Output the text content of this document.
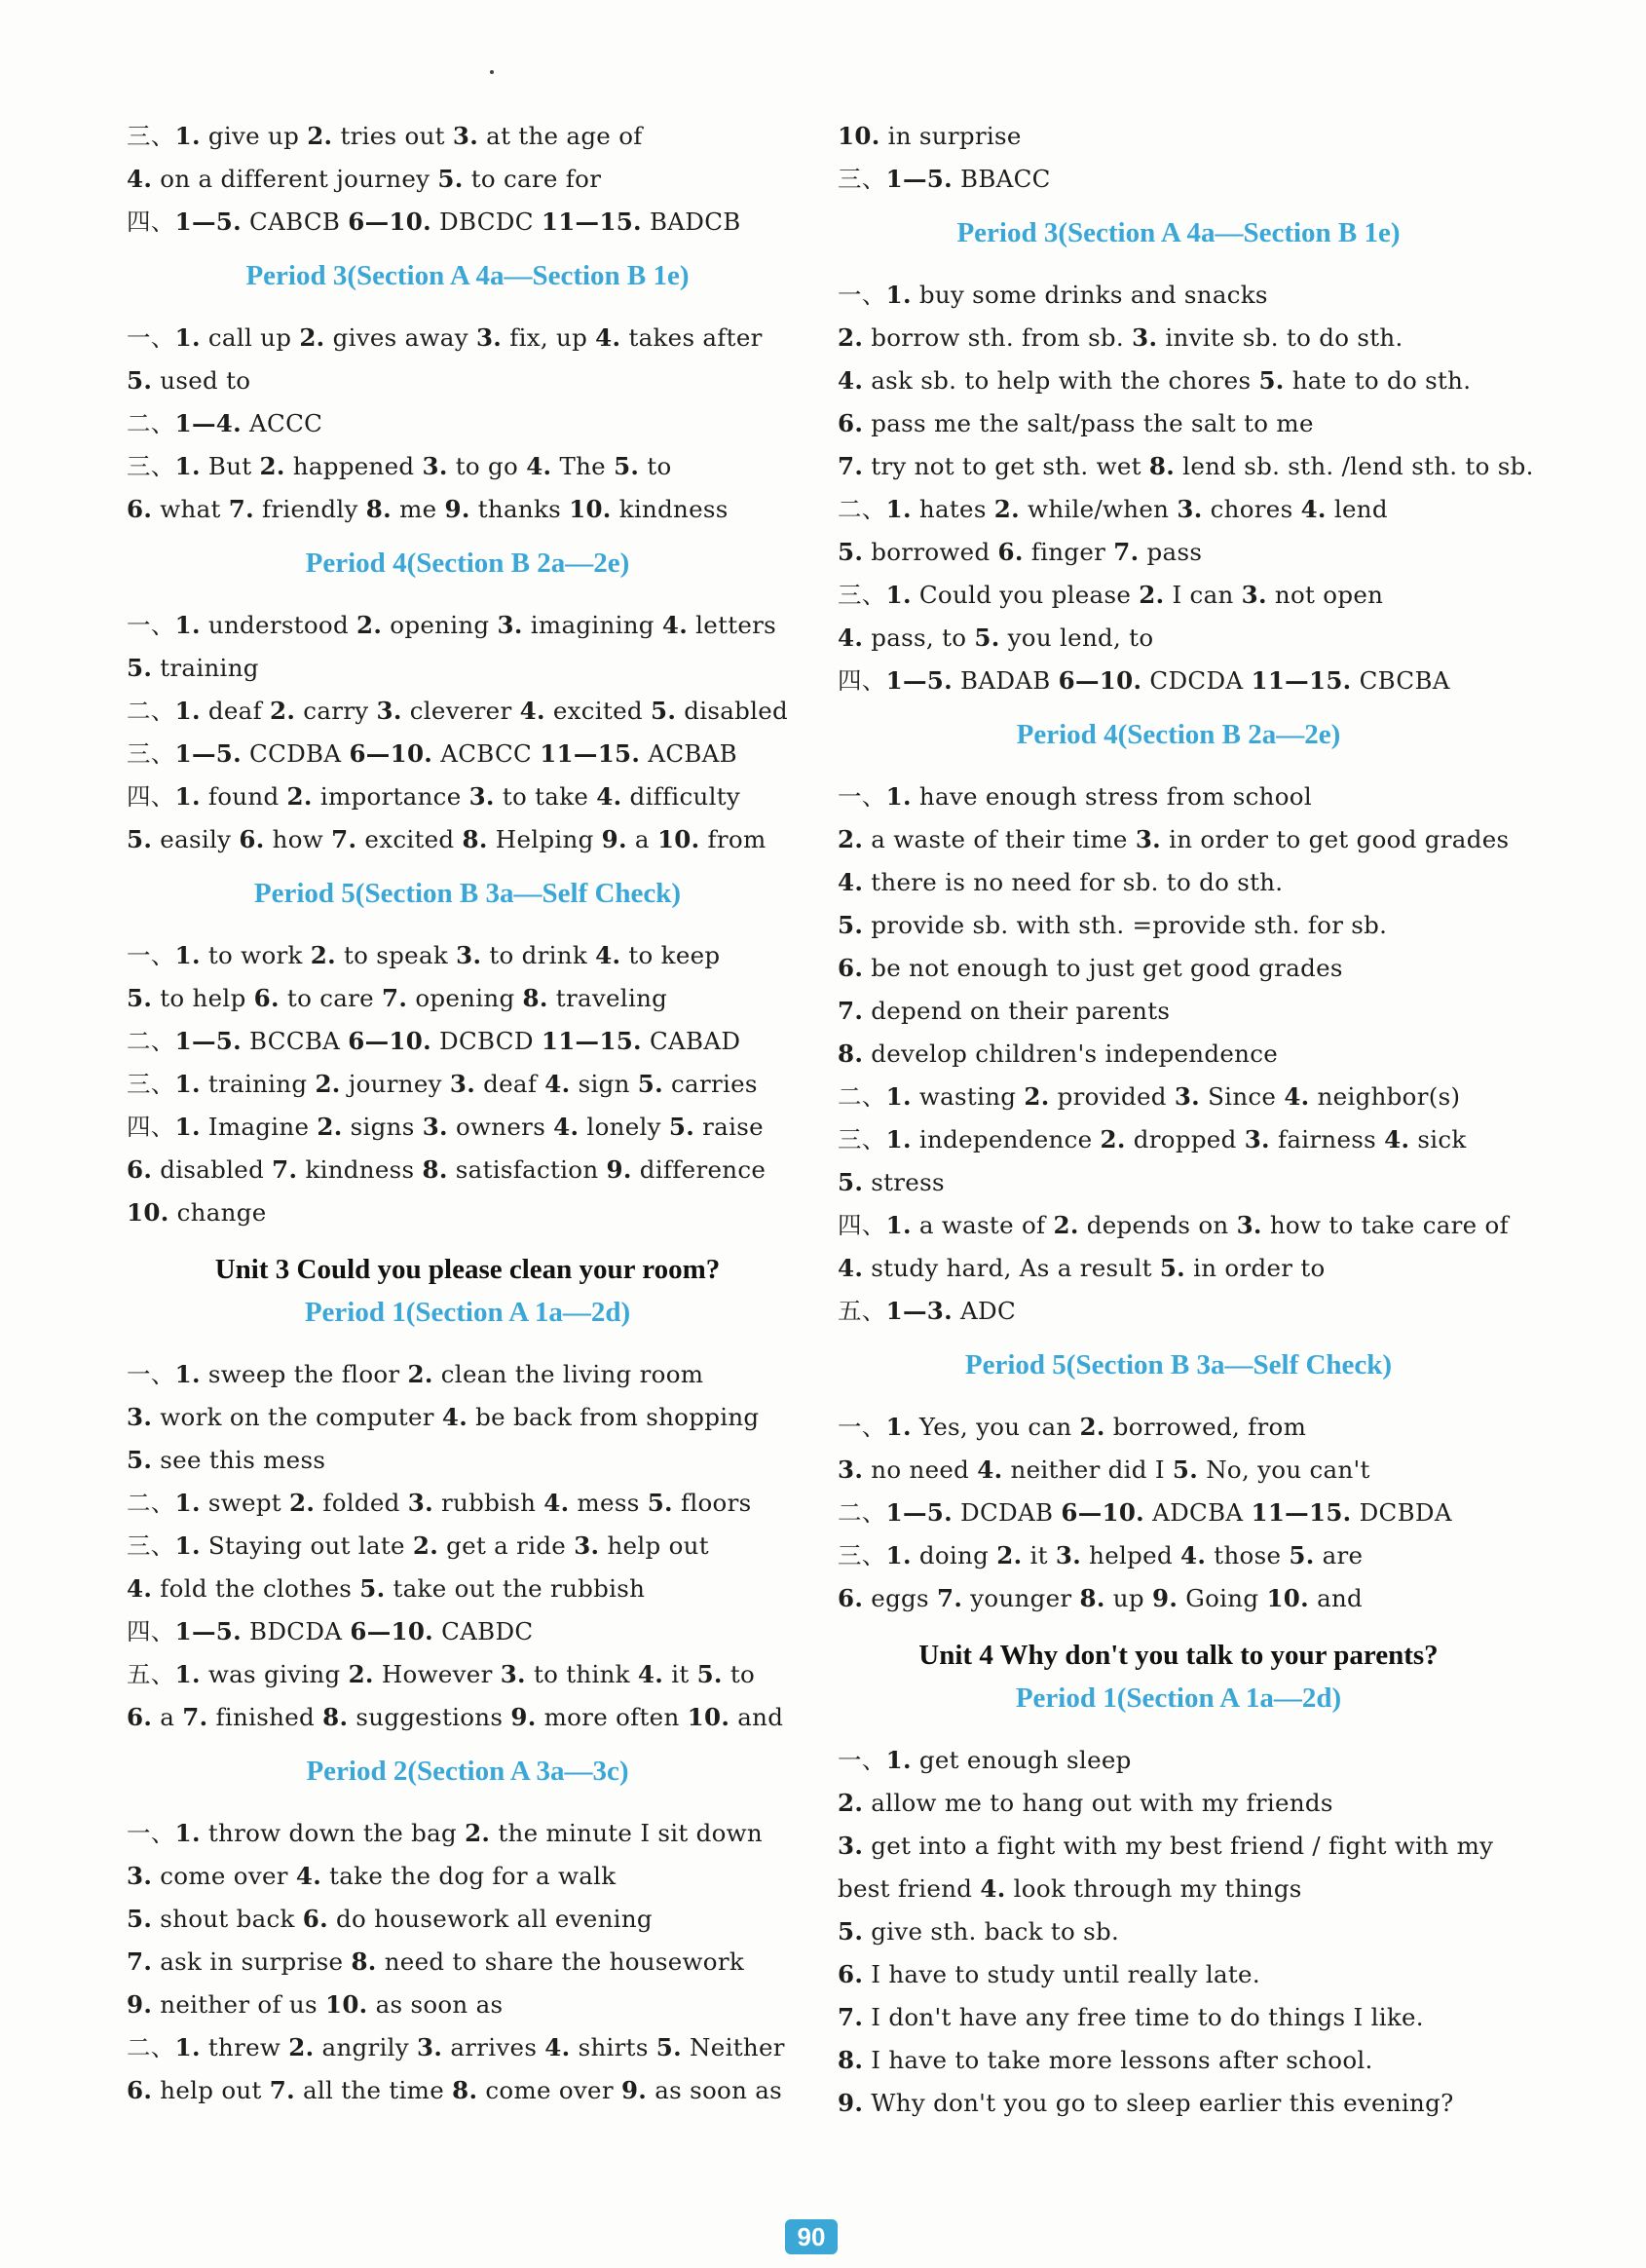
三、1. give up 2. tries out 3. at the age of
4. on a different journey 5. to care for
四、1—5. CABCB 6—10. DBCDC 11—15. BADCB
Period 3(Section A 4a—Section B 1e)
一、1. call up 2. gives away 3. fix, up 4. takes after
5. used to
二、1—4. ACCC
三、1. But 2. happened 3. to go 4. The 5. to
6. what 7. friendly 8. me 9. thanks 10. kindness
Period 4(Section B 2a—2e)
一、1. understood 2. opening 3. imagining 4. letters
5. training
二、1. deaf 2. carry 3. cleverer 4. excited 5. disabled
三、1—5. CCDBA 6—10. ACBCC 11—15. ACBAB
四、1. found 2. importance 3. to take 4. difficulty
5. easily 6. how 7. excited 8. Helping 9. a 10. from
Period 5(Section B 3a—Self Check)
一、1. to work 2. to speak 3. to drink 4. to keep
5. to help 6. to care 7. opening 8. traveling
二、1—5. BCCBA 6—10. DCBCD 11—15. CABAD
三、1. training 2. journey 3. deaf 4. sign 5. carries
四、1. Imagine 2. signs 3. owners 4. lonely 5. raise
6. disabled 7. kindness 8. satisfaction 9. difference
10. change
Unit 3 Could you please clean your room?
Period 1(Section A 1a—2d)
一、1. sweep the floor 2. clean the living room
3. work on the computer 4. be back from shopping
5. see this mess
二、1. swept 2. folded 3. rubbish 4. mess 5. floors
三、1. Staying out late 2. get a ride 3. help out
4. fold the clothes 5. take out the rubbish
四、1—5. BDCDA 6—10. CABDC
五、1. was giving 2. However 3. to think 4. it 5. to
6. a 7. finished 8. suggestions 9. more often 10. and
Period 2(Section A 3a—3c)
一、1. throw down the bag 2. the minute I sit down
3. come over 4. take the dog for a walk
5. shout back 6. do housework all evening
7. ask in surprise 8. need to share the housework
9. neither of us 10. as soon as
二、1. threw 2. angrily 3. arrives 4. shirts 5. Neither
6. help out 7. all the time 8. come over 9. as soon as
10. in surprise
三、1—5. BBACC
Period 3(Section A 4a—Section B 1e)
一、1. buy some drinks and snacks
2. borrow sth. from sb. 3. invite sb. to do sth.
4. ask sb. to help with the chores 5. hate to do sth.
6. pass me the salt/pass the salt to me
7. try not to get sth. wet 8. lend sb. sth. /lend sth. to sb.
二、1. hates 2. while/when 3. chores 4. lend
5. borrowed 6. finger 7. pass
三、1. Could you please 2. I can 3. not open
4. pass, to 5. you lend, to
四、1—5. BADAB 6—10. CDCDA 11—15. CBCBA
Period 4(Section B 2a—2e)
一、1. have enough stress from school
2. a waste of their time 3. in order to get good grades
4. there is no need for sb. to do sth.
5. provide sb. with sth. =provide sth. for sb.
6. be not enough to just get good grades
7. depend on their parents
8. develop children's independence
二、1. wasting 2. provided 3. Since 4. neighbor(s)
三、1. independence 2. dropped 3. fairness 4. sick
5. stress
四、1. a waste of 2. depends on 3. how to take care of
4. study hard, As a result 5. in order to
五、1—3. ADC
Period 5(Section B 3a—Self Check)
一、1. Yes, you can 2. borrowed, from
3. no need 4. neither did I 5. No, you can't
二、1—5. DCDAB 6—10. ADCBA 11—15. DCBDA
三、1. doing 2. it 3. helped 4. those 5. are
6. eggs 7. younger 8. up 9. Going 10. and
Unit 4 Why don't you talk to your parents?
Period 1(Section A 1a—2d)
一、1. get enough sleep
2. allow me to hang out with my friends
3. get into a fight with my best friend / fight with my
best friend 4. look through my things
5. give sth. back to sb.
6. I have to study until really late.
7. I don't have any free time to do things I like.
8. I have to take more lessons after school.
9. Why don't you go to sleep earlier this evening?
90
